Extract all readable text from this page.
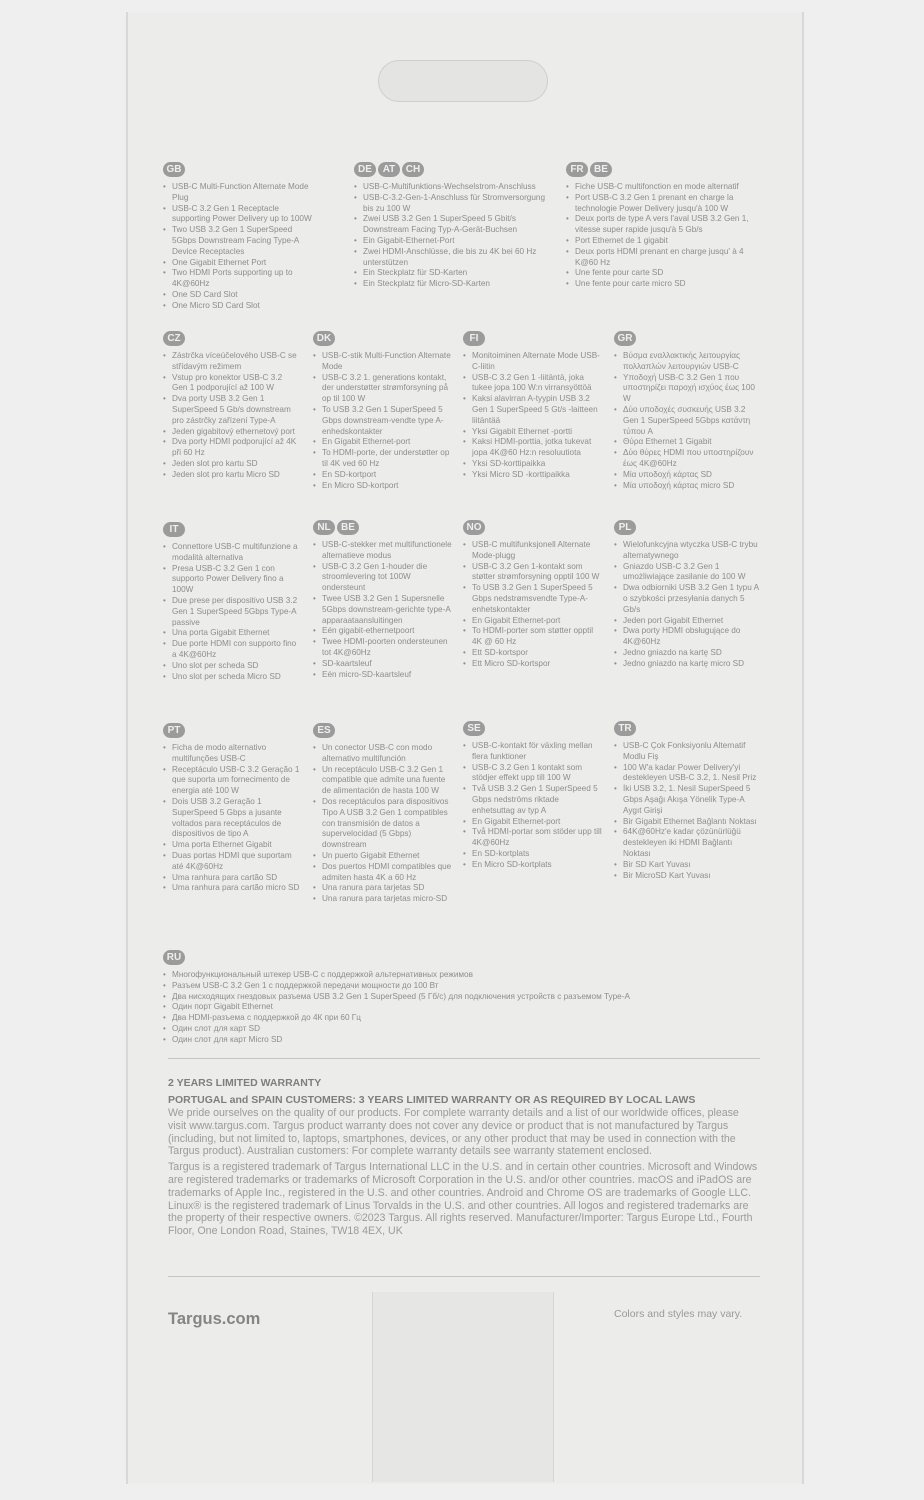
GB
• USB-C Multi-Function Alternate Mode Plug
• USB-C 3.2 Gen 1 Receptacle supporting Power Delivery up to 100W
• Two USB 3.2 Gen 1 SuperSpeed 5Gbps Downstream Facing Type-A Device Receptacles
• One Gigabit Ethernet Port
• Two HDMI Ports supporting up to 4K@60Hz
• One SD Card Slot
• One Micro SD Card Slot
DE	AT	CH
• USB-C-Multifunktions-Wechselstrom-Anschluss
• USB-C-3.2-Gen-1-Anschluss für Stromversorgung bis zu 100 W
• Zwei USB 3.2 Gen 1 SuperSpeed 5 Gbit/s Downstream Facing Typ-A-Gerät-Buchsen
• Ein Gigabit-Ethernet-Port
• Zwei HDMI-Anschlüsse, die bis zu 4K bei 60 Hz unterstützen
• Ein Steckplatz für SD-Karten
• Ein Steckplatz für Micro-SD-Karten
FR	BE
• Fiche USB-C multifonction en mode alternatif
• Port USB-C 3.2 Gen 1 prenant en charge la technologie Power Delivery jusqu'à 100 W
• Deux ports de type A vers l'aval USB 3.2 Gen 1, vitesse super rapide jusqu'à 5 Gb/s
• Port Ethernet de 1 gigabit
• Deux ports HDMI prenant en charge jusqu' à 4 K@60 Hz
• Une fente pour carte SD
• Une fente pour carte micro SD
CZ
• Zástrčka víceúčelového USB-C se střídavým režimem
• Vstup pro konektor USB-C 3.2 Gen 1 podporující až 100 W
• Dva porty USB 3.2 Gen 1 SuperSpeed 5 Gb/s downstream pro zástrčky zařízení Type-A
• Jeden gigabitový ethernetový port
• Dva porty HDMI podporující až 4K při 60 Hz
• Jeden slot pro kartu SD
• Jeden slot pro kartu Micro SD
DK
• USB-C-stik Multi-Function Alternate Mode
• USB-C 3.2 1. generations kontakt, der understøtter strømforsyning på op til 100 W
• To USB 3.2 Gen 1 SuperSpeed 5 Gbps downstream-vendte type A-enhedskontakter
• En Gigabit Ethernet-port
• To HDMI-porte, der understøtter op til 4K ved 60 Hz
• En SD-kortport
• En Micro SD-kortport
FI
• Monitoiminen Alternate Mode USB-C-liitin
• USB-C 3.2 Gen 1 -liitäntä, joka tukee jopa 100 W:n virransyöttöä
• Kaksi alavirran A-tyypin USB 3.2 Gen 1 SuperSpeed 5 Gt/s -laitteen liitäntää
• Yksi Gigabit Ethernet -portti
• Kaksi HDMI-porttia, jotka tukevat jopa 4K@60 Hz:n resoluutiota
• Yksi SD-korttipaikka
• Yksi Micro SD -korttipaikka
GR
• Βύσμα εναλλακτικής λειτουργίας πολλαπλών λειτουργιών USB-C
• Υποδοχή USB-C 3.2 Gen 1 που υποστηρίζει παροχή ισχύος έως 100 W
• Δύο υποδοχές συσκευής USB 3.2 Gen 1 SuperSpeed 5Gbps κατάντη τύπου A
• Θύρα Ethernet 1 Gigabit
• Δύο θύρες HDMI που υποστηρίζουν έως 4K@60Hz
• Μία υποδοχή κάρτας SD
• Μία υποδοχή κάρτας micro SD
IT
• Connettore USB-C multifunzione a modalità alternativa
• Presa USB-C 3.2 Gen 1 con supporto Power Delivery fino a 100W
• Due prese per dispositivo USB 3.2 Gen 1 SuperSpeed 5Gbps Type-A passive
• Una porta Gigabit Ethernet
• Due porte HDMI con supporto fino a 4K@60Hz
• Uno slot per scheda SD
• Uno slot per scheda Micro SD
NL	BE
• USB-C-stekker met multifunctionele alternatieve modus
• USB-C 3.2 Gen 1-houder die stroomlevering tot 100W ondersteunt
• Twee USB 3.2 Gen 1 Supersnelle 5Gbps downstream-gerichte type-A apparaataansluitingen
• Eén gigabit-ethernetpoort
• Twee HDMI-poorten ondersteunen tot 4K@60Hz
• SD-kaartsleuf
• Eén micro-SD-kaartsleuf
NO
• USB-C multifunksjonell Alternate Mode-plugg
• USB-C 3.2 Gen 1-kontakt som støtter strømforsyning opptil 100 W
• To USB 3.2 Gen 1 SuperSpeed 5 Gbps nedstrømsvendte Type-A-enhetskontakter
• En Gigabit Ethernet-port
• To HDMI-porter som støtter opptil 4K @ 60 Hz
• Ett SD-kortspor
• Ett Micro SD-kortspor
PL
• Wielofunkcyjna wtyczka USB-C trybu alternatywnego
• Gniazdo USB-C 3.2 Gen 1 umożliwiające zasilanie do 100 W
• Dwa odbiorniki USB 3.2 Gen 1 typu A o szybkości przesyłania danych 5 Gb/s
• Jeden port Gigabit Ethernet
• Dwa porty HDMI obsługujące do 4K@60Hz
• Jedno gniazdo na kartę SD
• Jedno gniazdo na kartę micro SD
PT
• Ficha de modo alternativo multifunções USB-C
• Receptáculo USB-C 3.2 Geração 1 que suporta um fornecimento de energia até 100 W
• Dois USB 3.2 Geração 1 SuperSpeed 5 Gbps a jusante voltados para receptáculos de dispositivos de tipo A
• Uma porta Ethernet Gigabit
• Duas portas HDMI que suportam até 4K@60Hz
• Uma ranhura para cartão SD
• Uma ranhura para cartão micro SD
ES
• Un conector USB-C con modo alternativo multifunción
• Un receptáculo USB-C 3.2 Gen 1 compatible que admite una fuente de alimentación de hasta 100 W
• Dos receptáculos para dispositivos Tipo A USB 3.2 Gen 1 compatibles con transmisión de datos a supervelocidad (5 Gbps) downstream
• Un puerto Gigabit Ethernet
• Dos puertos HDMI compatibles que admiten hasta 4K a 60 Hz
• Una ranura para tarjetas SD
• Una ranura para tarjetas micro-SD
SE
• USB-C-kontakt för växling mellan flera funktioner
• USB-C 3.2 Gen 1 kontakt som stödjer effekt upp till 100 W
• Två USB 3.2 Gen 1 SuperSpeed 5 Gbps nedströms riktade enhetsuttag av typ A
• En Gigabit Ethernet-port
• Två HDMI-portar som stöder upp till 4K@60Hz
• En SD-kortplats
• En Micro SD-kortplats
TR
• USB-C Çok Fonksiyonlu Alternatif Modlu Fiş
• 100 W'a kadar Power Delivery'yi destekleyen USB-C 3.2, 1. Nesil Priz
• İki USB 3.2, 1. Nesil SuperSpeed 5 Gbps Aşağı Akışa Yönelik Type-A Aygıt Girişi
• Bir Gigabit Ethernet Bağlantı Noktası
• 64K@60Hz'e kadar çözünürlüğü destekleyen iki HDMI Bağlantı Noktası
• Bir SD Kart Yuvası
• Bir MicroSD Kart Yuvası
RU
• Многофункциональный штекер USB-C с поддержкой альтернативных режимов
• Разъем USB-C 3.2 Gen 1 с поддержкой передачи мощности до 100 Вт
• Два нисходящих гнездовых разъема USB 3.2 Gen 1 SuperSpeed (5 Гб/с) для подключения устройств с разъемом Type-A
• Один порт Gigabit Ethernet
• Два HDMI-разъема с поддержкой до 4К при 60 Гц
• Один слот для карт SD
• Один слот для карт Micro SD
2 YEARS LIMITED WARRANTY
PORTUGAL and SPAIN CUSTOMERS: 3 YEARS LIMITED WARRANTY OR AS REQUIRED BY LOCAL LAWS

We pride ourselves on the quality of our products. For complete warranty details and a list of our worldwide offices, please visit www.targus.com. Targus product warranty does not cover any device or product that is not manufactured by Targus (including, but not limited to, laptops, smartphones, devices, or any other product that may be used in connection with the Targus product). Australian customers: For complete warranty details see warranty statement enclosed.

Targus is a registered trademark of Targus International LLC in the U.S. and in certain other countries. Microsoft and Windows are registered trademarks or trademarks of Microsoft Corporation in the U.S. and/or other countries. macOS and iPadOS are trademarks of Apple Inc., registered in the U.S. and other countries. Android and Chrome OS are trademarks of Google LLC. Linux® is the registered trademark of Linus Torvalds in the U.S. and other countries. All logos and registered trademarks are the property of their respective owners. ©2023 Targus. All rights reserved. Manufacturer/Importer: Targus Europe Ltd., Fourth Floor, One London Road, Staines, TW18 4EX, UK

Targus.com	Colors and styles may vary.
